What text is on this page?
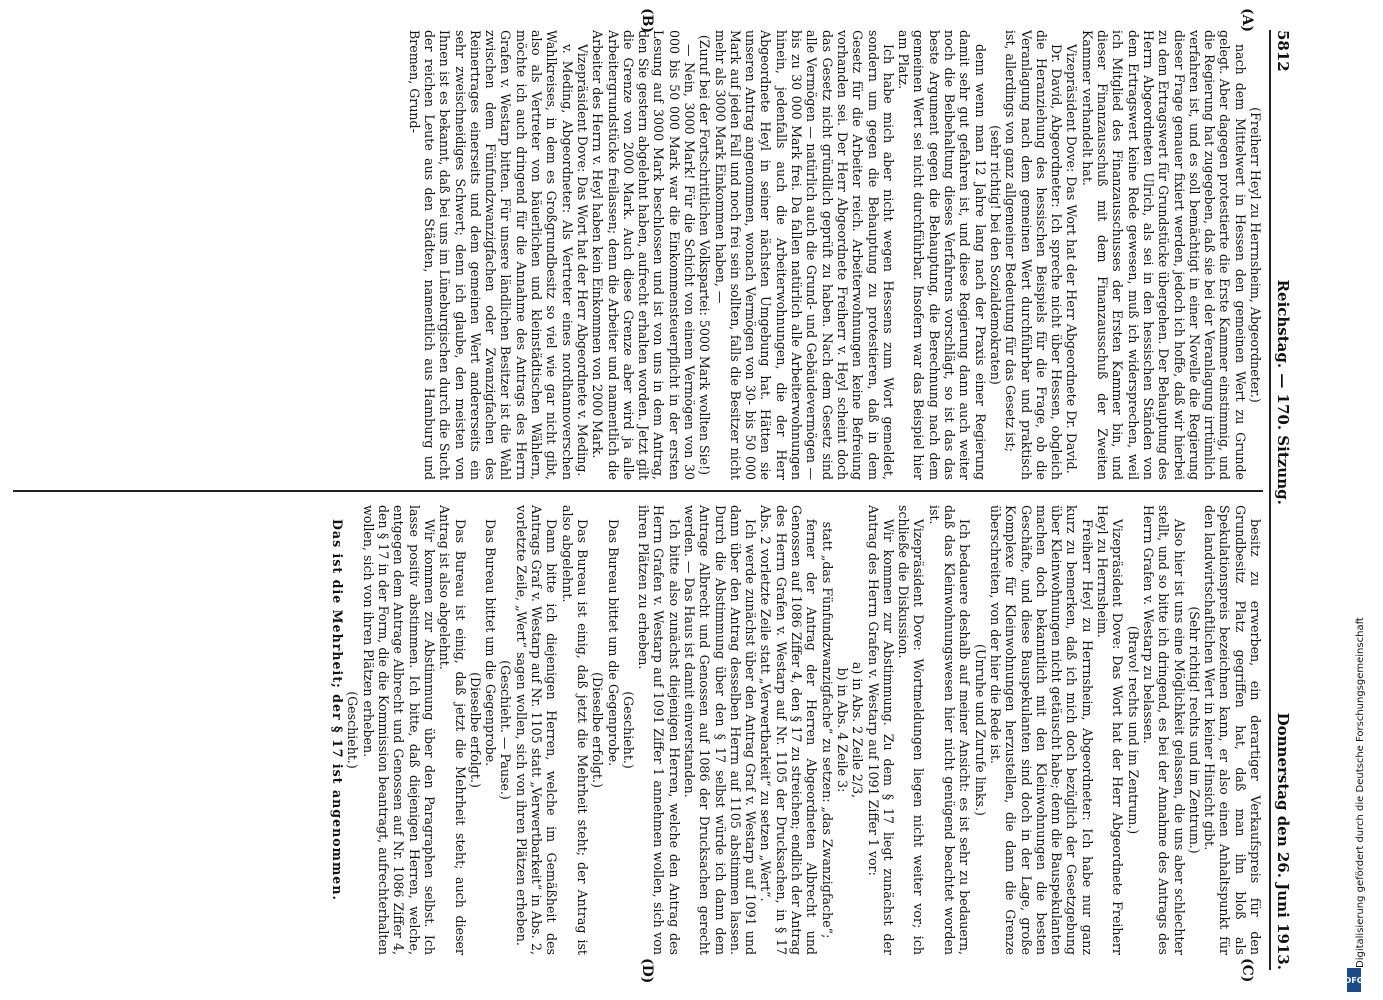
5812
Reichstag. — 170. Sitzung.
Donnerstag den 26. Juni 1913.

(Freiherr Heyl zu Herrnsheim, Abgeordneter.)

nach dem Mittelwert in Hessen den gemeinen Wert zu Grunde gelegt. Aber dagegen protestierte die Erste Kammer einstimmig, und die Regierung hat zugegeben, daß sie bei der Veranlagung irrtümlich verfahren ist, und es soll bemächtigt in einer Novelle die Regierung dieser Frage genauer fixiert werden, jedoch ich hoffe, daß wir hierbei zu dem Ertragswert für Grundstücke übergehen. Der Behauptung des Herrn Abgeordneten Ulrich, als sei in den hessischen Ständen von dem Ertragswert keine Rede gewesen, muß ich widersprechen, weil ich Mitglied des Finanzausschusses der Ersten Kammer bin, und dieser Finanzausschuß mit dem Finanzausschuß der Zweiten Kammer verhandelt hat.

Vizepräsident Dove: Das Wort hat der Herr Abgeordnete Dr. David.

Dr. David, Abgeordneter: Ich spreche nicht über Hessen, obgleich die Heranziehung des hessischen Beispiels für die Frage, ob die Veranlagung nach dem gemeinen Wert durchführbar und praktisch ist, allerdings von ganz allgemeiner Bedeutung für das Gesetz ist;

(sehr richtig! bei den Sozialdemokraten)

denn wenn man 12 Jahre lang nach der Praxis einer Regierung damit sehr gut gefahren ist, und diese Regierung dann auch weiter noch die Beibehaltung dieses Verfahrens vorschlägt, so ist das das beste Argument gegen die Behauptung, die Berechnung nach dem gemeinen Wert sei nicht durchführbar. Insofern war das Beispiel hier am Platz.

Ich habe mich aber nicht wegen Hessens zum Wort gemeldet, sondern um gegen die Behauptung zu protestieren, daß in dem Gesetz für die Arbeiter reich. Arbeiterwohnungen keine Befreiung vorhanden sei. Der Herr Abgeordnete Freiherr v. Heyl scheint doch das Gesetz nicht gründlich geprüft zu haben. Nach dem Gesetz sind alle Vermögen — natürlich auch die Grund- und Gebäudevermögen — bis zu 30 000 Mark frei. Da fallen natürlich alle Arbeiterwohnungen hinein, jedenfalls auch die Arbeiterwohnungen, die der Herr Abgeordnete Heyl in seiner nächsten Umgebung hat. Hätten sie unseren Antrag angenommen, wonach Vermögen von 30- bis 50 000 Mark auf jeden Fall und noch frei sein sollten, falls die Besitzer nicht mehr als 3000 Mark Einkommen haben, —

(Zuruf bei der Fortschrittlichen Volkspartei: 5000 Mark wollten Sie!)

— Nein, 3000 Mark! Für die Schicht von einem Vermögen von 30 000 bis 50 000 Mark war die Einkommensteuerpflicht in der ersten Lesung auf 3000 Mark beschlossen und ist von uns in dem Antrag, den Sie gestern abgelehnt haben, aufrecht erhalten worden. Jetzt gilt die Grenze von 2000 Mark. Auch diese Grenze aber wird ja alle Arbeitergrundstücke freilassen; denn die Arbeiter und namentlich die Arbeiter des Herrn v. Heyl haben kein Einkommen von 2000 Mark.

Vizepräsident Dove: Das Wort hat der Herr Abgeordnete v. Meding.

v. Meding, Abgeordneter: Als Vertreter eines nordhannoverschen Wahlkreises, in dem es Großgrundbesitz so viel wie gar nicht gibt, also als Vertreter von bäuerlichen und kleinstädtischen Wählern, möchte ich auch dringend für die Annahme des Antrags des Herrn Grafen v. Westarp bitten. Für unsere ländlichen Besitzer ist die Wahl zwischen dem Fünfundzwanzigfachen oder Zwanzigfachen des Reinertrages einerseits und dem gemeinen Wert andererseits ein sehr zweischneidiges Schwert; denn ich glaube, den meisten von Ihnen ist es bekannt, daß bei uns im Lüneburgischen durch die Sucht der reichen Leute aus den Städten, namentlich aus Hamburg und Bremen, Grund-

besitz zu erwerben, ein derartiger Verkaufspreis für den Grundbesitz Platz gegriffen hat, daß man ihn bloß als Spekulationspreis bezeichnen kann, er also einen Anhaltspunkt für den landwirtschaftlichen Wert in keiner Hinsicht gibt.

(Sehr richtig! rechts und im Zentrum.)

Also hier ist uns eine Möglichkeit gelassen, die uns aber schlechter stellt, und so bitte ich dringend, es bei der Annahme des Antrags des Herrn Grafen v. Westarp zu belassen.

(Bravo! rechts und im Zentrum.)

Vizepräsident Dove: Das Wort hat der Herr Abgeordnete Freiherr Heyl zu Herrnsheim.

Freiherr Heyl zu Herrnsheim, Abgeordneter: Ich habe nur ganz kurz zu bemerken, daß ich mich doch bezüglich der Gesetzgebung über Kleinwohnungen nicht getäuscht habe; denn die Bauspekulanten machen doch bekanntlich mit den Kleinwohnungen die besten Geschäfte, und diese Bauspekulanten sind doch in der Lage, große Komplexe für Kleinwohnungen herzustellen, die dann die Grenze überschreiten, von der hier die Rede ist.

(Unruhe und Zurufe links.)

Ich bedauere deshalb auf meiner Ansicht: es ist sehr zu bedauern, daß das Kleinwohnungswesen hier nicht genügend beachtet worden ist.

Vizepräsident Dove: Wortmeldungen liegen nicht weiter vor; ich schließe die Diskussion.

Wir kommen zur Abstimmung. Zu dem § 17 liegt zunächst der Antrag des Herrn Grafen v. Westarp auf 1091 Ziffer 1 vor:

a) in Abs. 2 Zeile 2/3,

b) in Abs. 4 Zeile 3:

statt „das Fünfundzwanzigfache“ zu setzen: „das Zwanzigfache“;

ferner der Antrag der Herren Abgeordneten Albrecht und Genossen auf 1086 Ziffer 4, den § 17 zu streichen; endlich der Antrag des Herrn Grafen v. Westarp auf Nr. 1105 der Drucksachen, in § 17 Abs. 2 vorletzte Zeile statt „Verwertbarkeit“ zu setzen „Wert“.

Ich werde zunächst über den Antrag Graf v. Westarp auf 1091 und dann über den Antrag desselben Herrn auf 1105 abstimmen lassen. Durch die Abstimmung über den § 17 selbst würde ich dann dem Antrage Albrecht und Genossen auf 1086 der Drucksachen gerecht werden. — Das Haus ist damit einverstanden.

Ich bitte also zunächst diejenigen Herren, welche den Antrag des Herrn Grafen v. Westarp auf 1091 Ziffer 1 annehmen wollen, sich von ihren Plätzen zu erheben.

(Geschieht.)

Das Bureau bittet um die Gegenprobe.

(Dieselbe erfolgt.)

Das Bureau ist einig, daß jetzt die Mehrheit steht; der Antrag ist also abgelehnt.

Dann bitte ich diejenigen Herren, welche im Gemäßheit des Antrags Graf v. Westarp auf Nr. 1105 statt „Verwertbarkeit“ in Abs. 2, vorletzte Zeile, „Wert“ sagen wollen, sich von ihren Plätzen erheben.

(Geschieht. — Pause.)

Das Bureau bittet um die Gegenprobe.

(Dieselbe erfolgt.)

Das Bureau ist einig, daß jetzt die Mehrheit steht; auch dieser Antrag ist also abgelehnt.

Wir kommen zur Abstimmung über den Paragraphen selbst. Ich lasse positiv abstimmen. Ich bitte, daß diejenigen Herren, welche, entgegen dem Antrage Albrecht und Genossen auf Nr. 1086 Ziffer 4, den § 17 in der Form, die die Kommission beantragt, aufrechterhalten wollen, sich von ihren Plätzen erheben.

(Geschieht.)

Das ist die Mehrheit; der § 17 ist angenommen.

(A)
(B)
(C)
(D)
Digitalisierung gefördert durch die Deutsche Forschungsgemeinschaft
DFG
